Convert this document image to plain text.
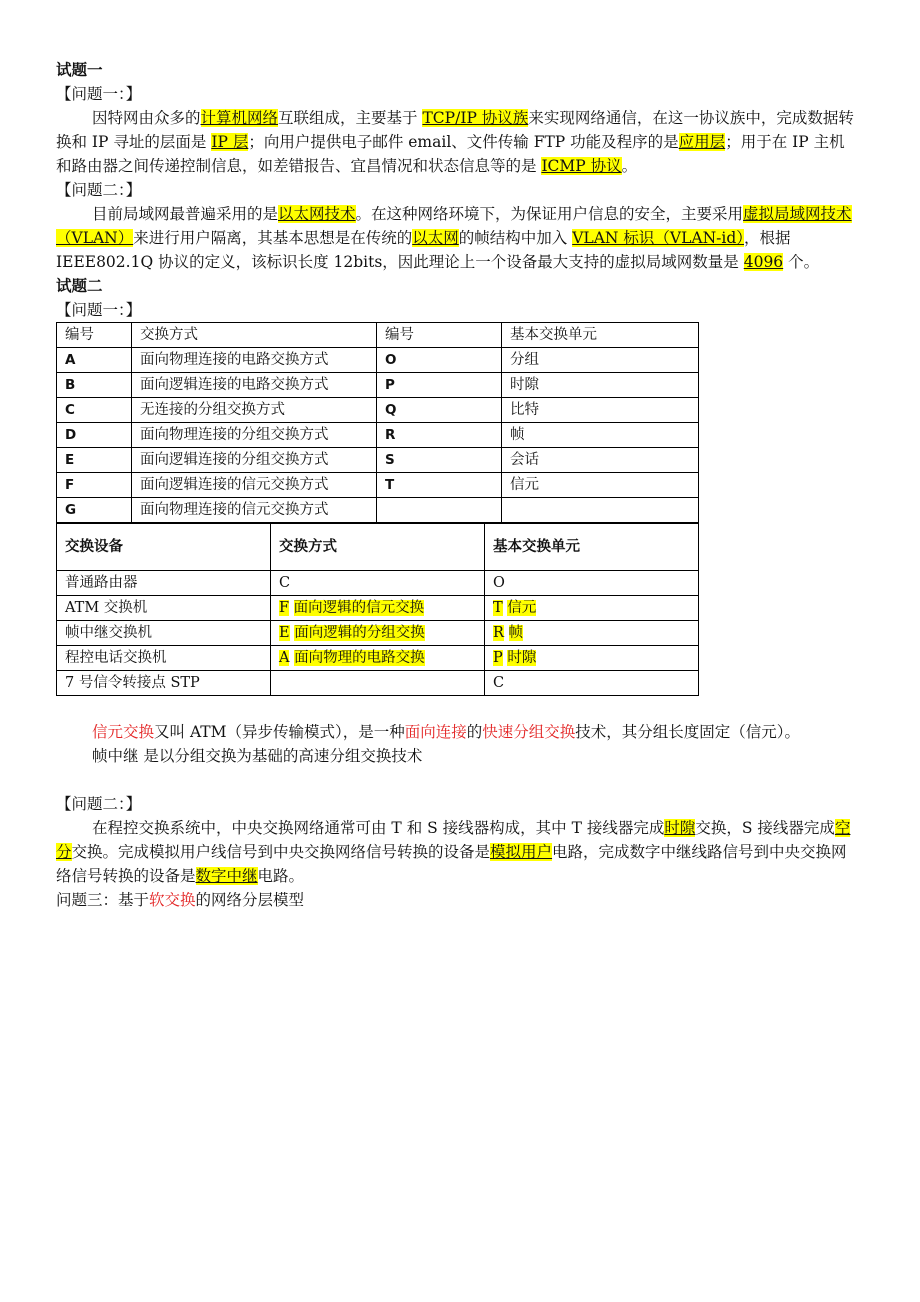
试题一
【问题一：】

因特网由众多的计算机网络互联组成，主要基于 TCP/IP 协议族来实现网络通信，在这一协议族中，完成数据转换和 IP 寻址的层面是 IP 层；向用户提供电子邮件 email、文件传输 FTP 功能及程序的是应用层；用于在 IP 主机和路由器之间传递控制信息，如差错报告、宜昌情况和状态信息等的是 ICMP 协议。

【问题二：】

目前局域网最普遍采用的是以太网技术。在这种网络环境下，为保证用户信息的安全，主要采用虚拟局域网技术（VLAN）来进行用户隔离，其基本思想是在传统的以太网的帧结构中加入 VLAN 标识（VLAN-id），根据 IEEE802.1Q 协议的定义，该标识长度 12bits，因此理论上一个设备最大支持的虚拟局域网数量是 4096 个。

试题二
【问题一：】
编号	交换方式	编号	基本交换单元
A	面向物理连接的电路交换方式	O	分组
B	面向逻辑连接的电路交换方式	P	时隙
C	无连接的分组交换方式	Q	比特
D	面向物理连接的分组交换方式	R	帧
E	面向逻辑连接的分组交换方式	S	会话
F	面向逻辑连接的信元交换方式	T	信元
G	面向物理连接的信元交换方式		
交换设备	交换方式	基本交换单元
普通路由器	C	O
ATM 交换机	F 面向逻辑的信元交换	T 信元
帧中继交换机	E 面向逻辑的分组交换	R 帧
程控电话交换机	A 面向物理的电路交换	P 时隙
7 号信令转接点 STP		C

信元交换又叫 ATM（异步传输模式），是一种面向连接的快速分组交换技术，其分组长度固定（信元）。

帧中继 是以分组交换为基础的高速分组交换技术

【问题二：】

在程控交换系统中，中央交换网络通常可由 T 和 S 接线器构成，其中 T 接线器完成时隙交换，S 接线器完成空分交换。完成模拟用户线信号到中央交换网络信号转换的设备是模拟用户电路，完成数字中继线路信号到中央交换网络信号转换的设备是数字中继电路。

问题三：基于软交换的网络分层模型
